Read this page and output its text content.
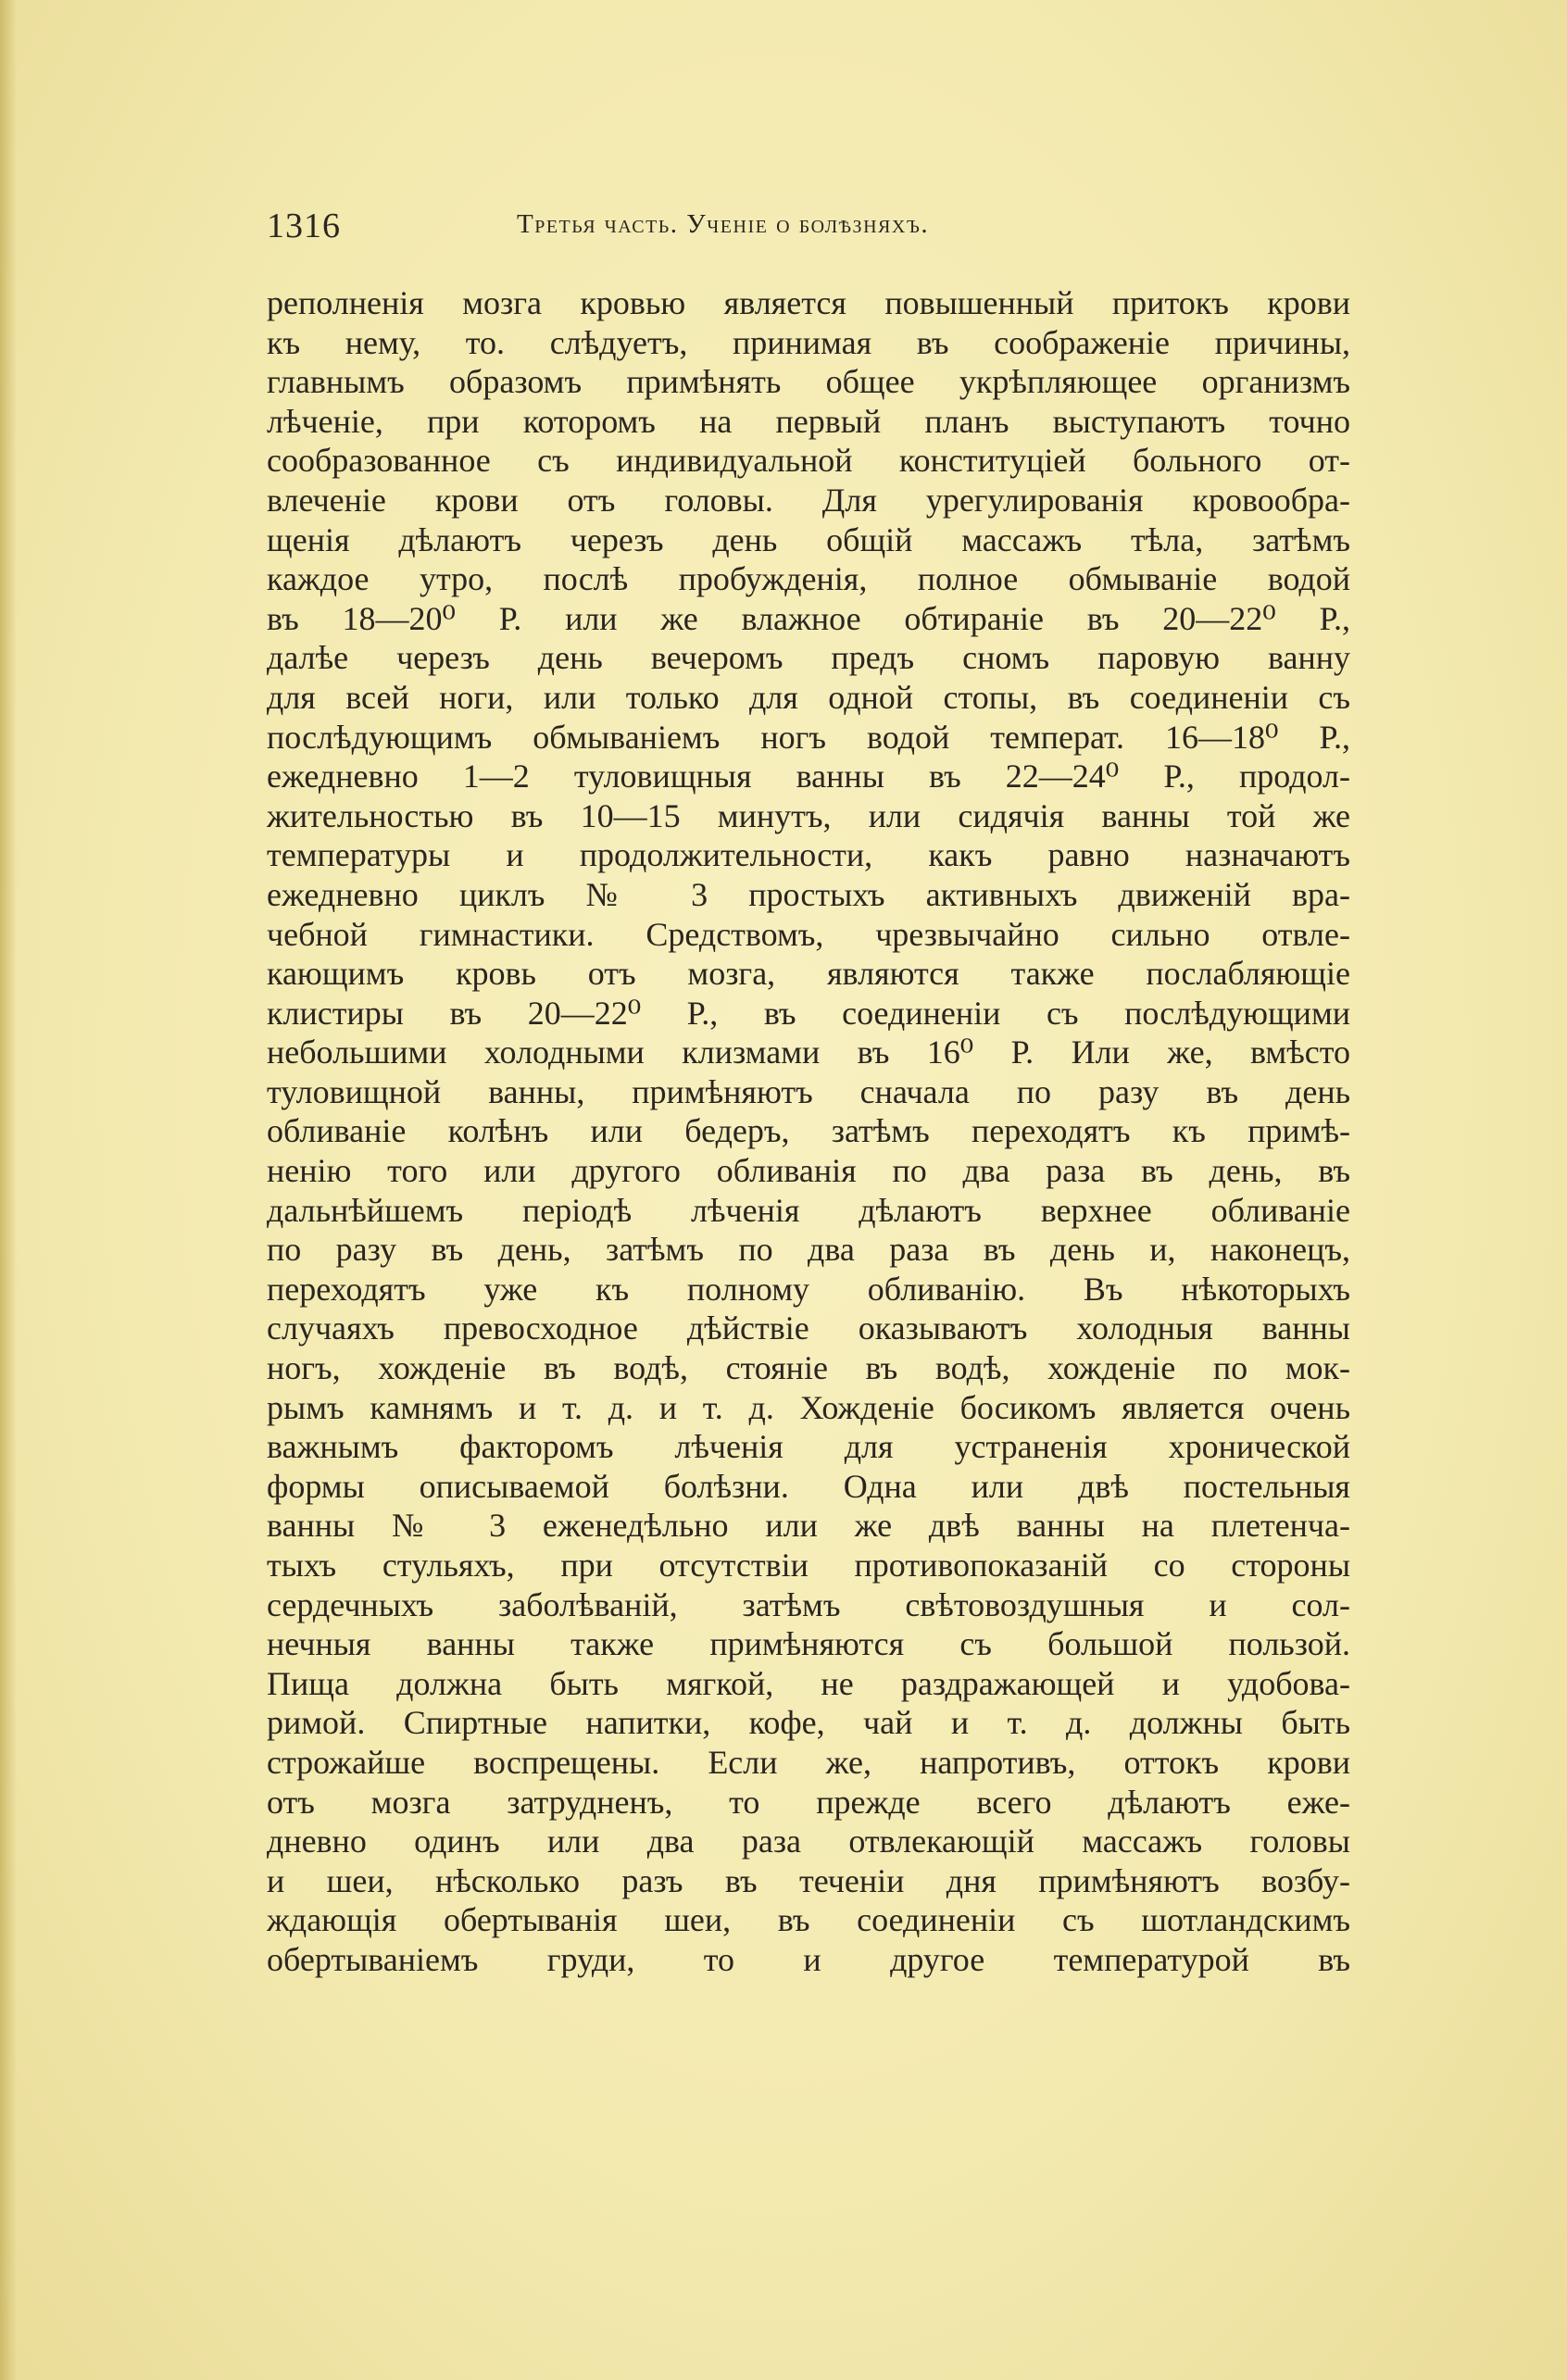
1316	Третья часть. Ученіе о болѣзняхъ.
реполненія мозга кровью является повышенный притокъ крови
къ нему, то. слѣдуетъ, принимая въ соображеніе причины,
главнымъ образомъ примѣнять общее укрѣпляющее организмъ
лѣченіе, при которомъ на первый планъ выступаютъ точно
сообразованное съ индивидуальной конституціей больного от-
влеченіе крови отъ головы. Для урегулированія кровообра-
щенія дѣлаютъ черезъ день общій массажъ тѣла, затѣмъ
каждое утро, послѣ пробужденія, полное обмываніе водой
въ 18—20⁰ Р. или же влажное обтираніе въ 20—22⁰ Р.,
далѣе черезъ день вечеромъ предъ сномъ паровую ванну
для всей ноги, или только для одной стопы, въ соединеніи съ
послѣдующимъ обмываніемъ ногъ водой температ. 16—18⁰ Р.,
ежедневно 1—2 туловищныя ванны въ 22—24⁰ Р., продол-
жительностью въ 10—15 минутъ, или сидячія ванны той же
температуры и продолжительности, какъ равно назначаютъ
ежедневно циклъ № 3 простыхъ активныхъ движеній вра-
чебной гимнастики. Средствомъ, чрезвычайно сильно отвле-
кающимъ кровь отъ мозга, являются также послабляющіе
клистиры въ 20—22⁰ Р., въ соединеніи съ послѣдующими
небольшими холодными клизмами въ 16⁰ Р. Или же, вмѣсто
туловищной ванны, примѣняютъ сначала по разу въ день
обливаніе колѣнъ или бедеръ, затѣмъ переходятъ къ примѣ-
ненію того или другого обливанія по два раза въ день, въ
дальнѣйшемъ періодѣ лѣченія дѣлаютъ верхнее обливаніе
по разу въ день, затѣмъ по два раза въ день и, наконецъ,
переходятъ уже къ полному обливанію. Въ нѣкоторыхъ
случаяхъ превосходное дѣйствіе оказываютъ холодныя ванны
ногъ, хожденіе въ водѣ, стояніе въ водѣ, хожденіе по мок-
рымъ камнямъ и т. д. и т. д. Хожденіе босикомъ является очень
важнымъ факторомъ лѣченія для устраненія хронической
формы описываемой болѣзни. Одна или двѣ постельныя
ванны № 3 еженедѣльно или же двѣ ванны на плетенча-
тыхъ стульяхъ, при отсутствіи противопоказаній со стороны
сердечныхъ заболѣваній, затѣмъ свѣтовоздушныя и сол-
нечныя ванны также примѣняются съ большой пользой.
Пища должна быть мягкой, не раздражающей и удобова-
римой. Спиртные напитки, кофе, чай и т. д. должны быть
строжайше воспрещены. Если же, напротивъ, оттокъ крови
отъ мозга затрудненъ, то прежде всего дѣлаютъ еже-
дневно одинъ или два раза отвлекающій массажъ головы
и шеи, нѣсколько разъ въ теченіи дня примѣняютъ возбу-
ждающія обертыванія шеи, въ соединеніи съ шотландскимъ
обертываніемъ груди, то и другое температурой въ
